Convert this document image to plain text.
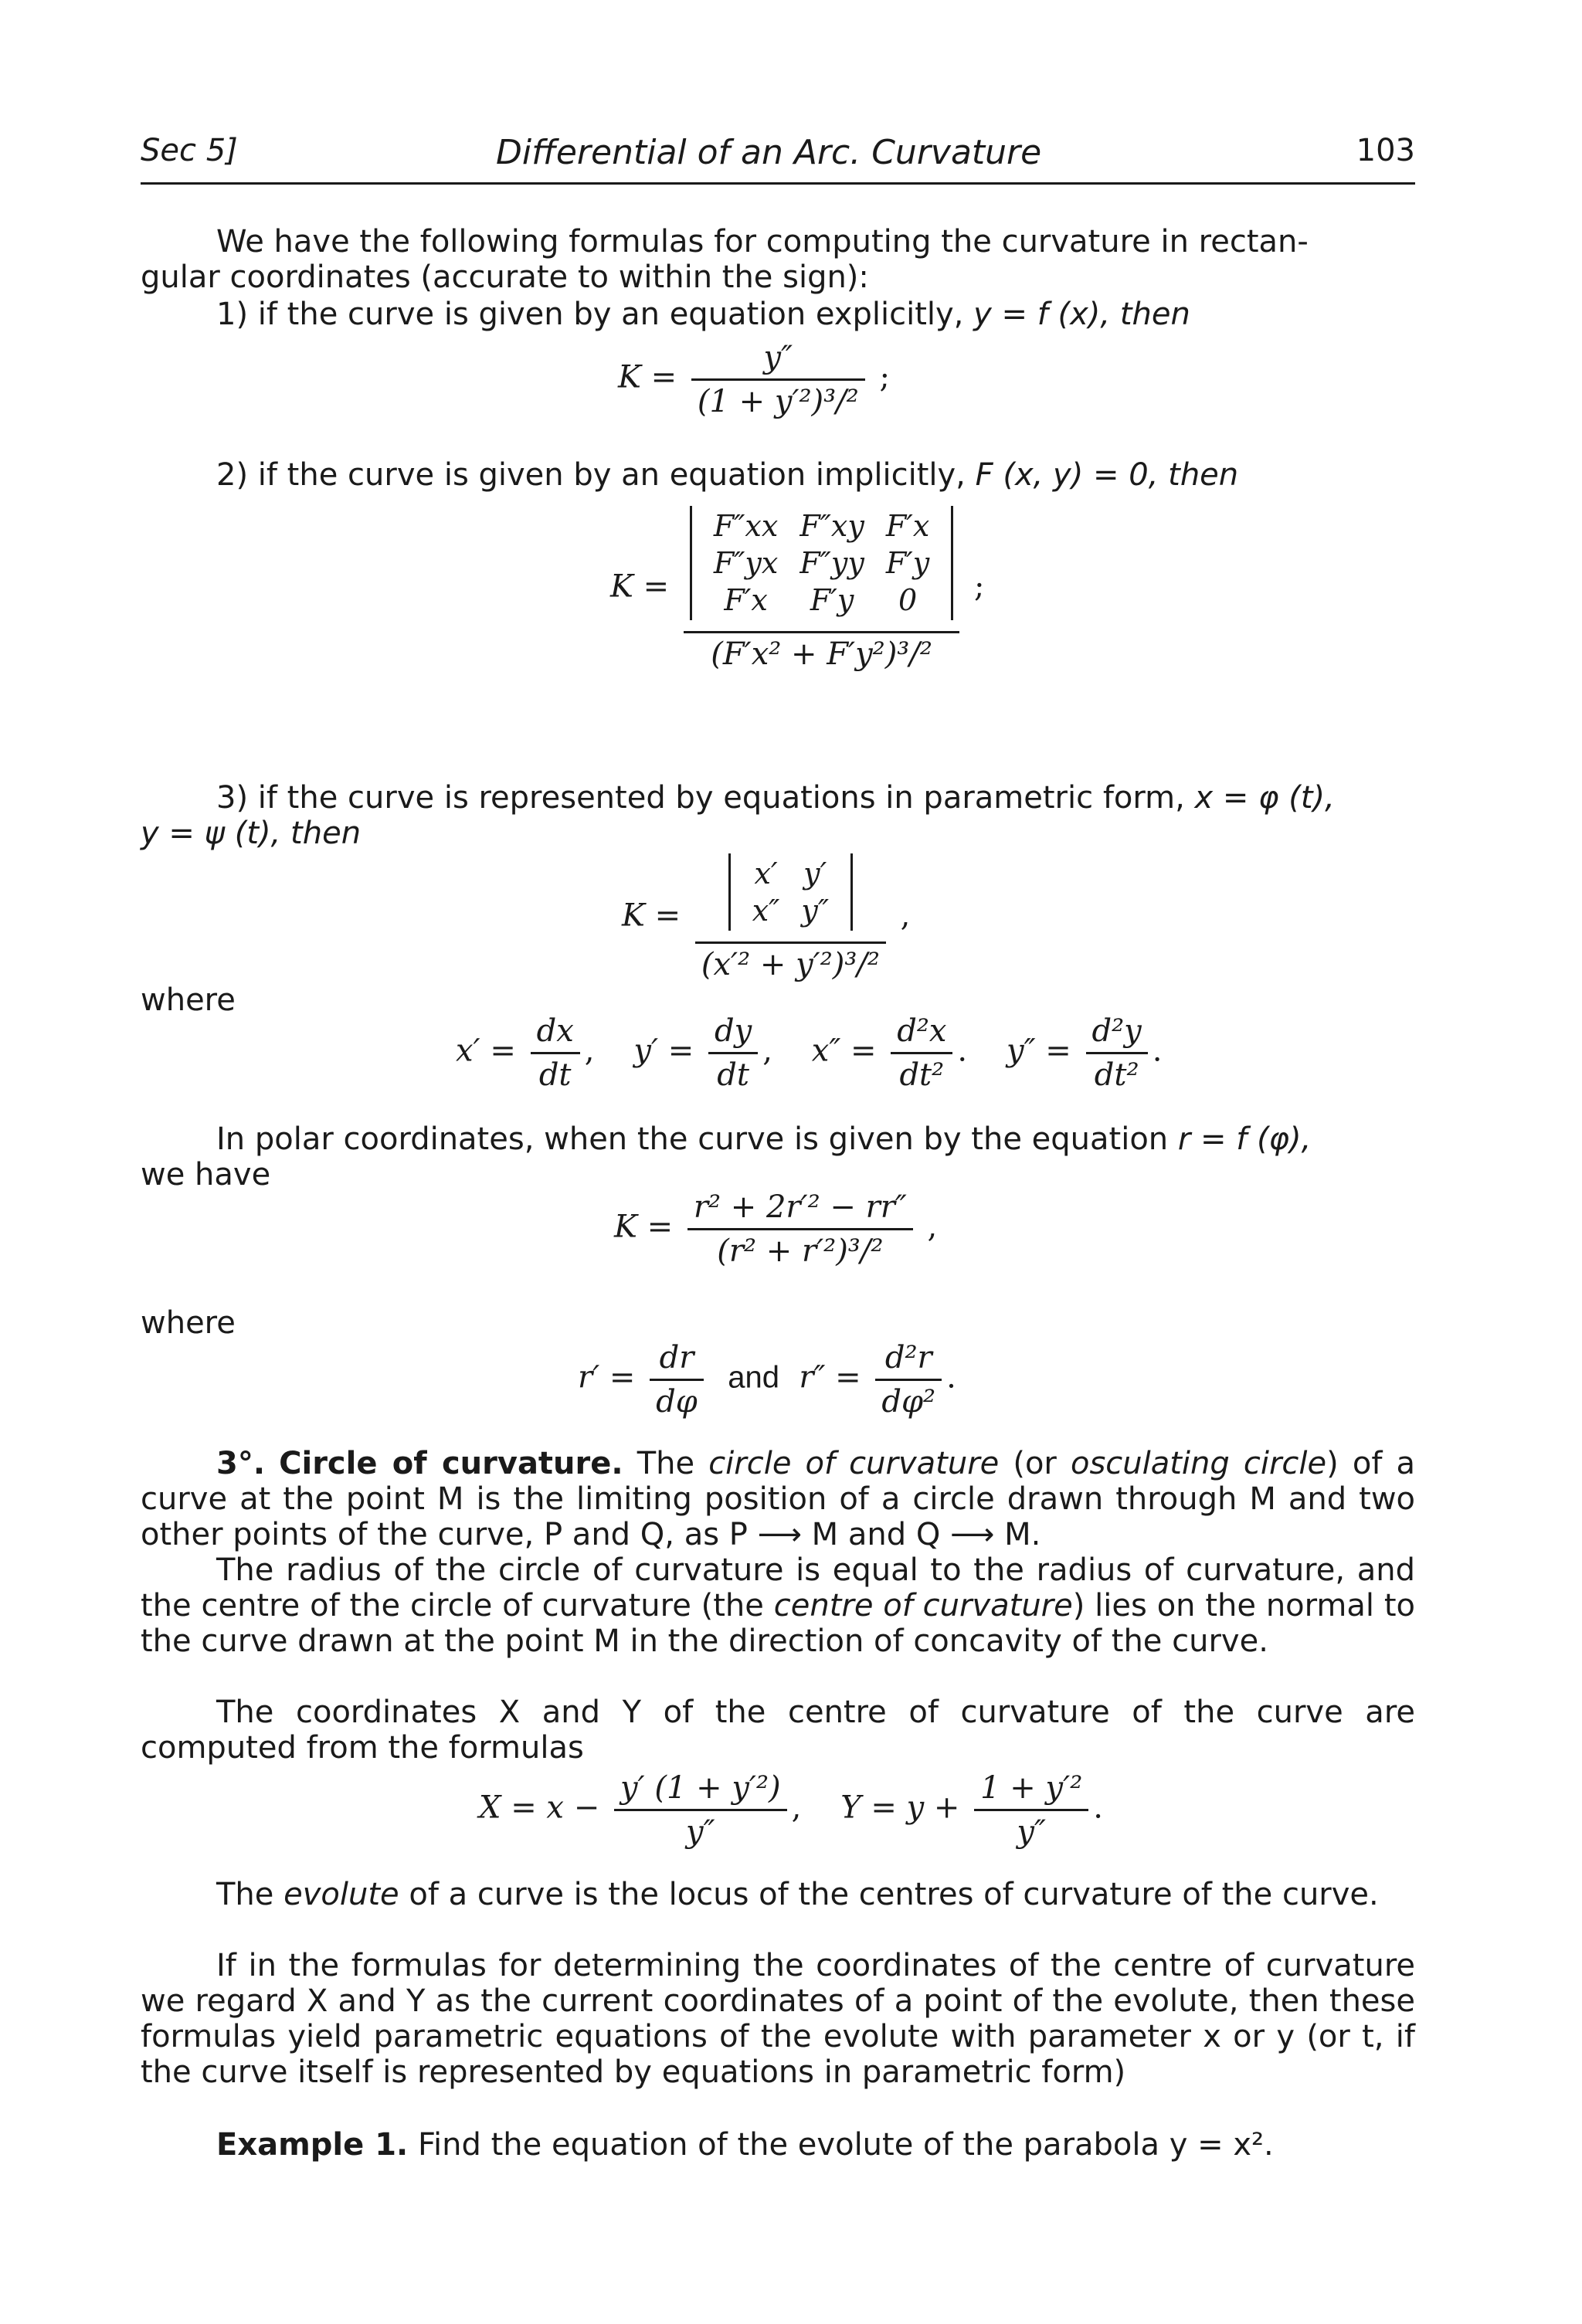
Sec 5]	Differential of an Arc. Curvature	103
We have the following formulas for computing the curvature in rectan-
gular coordinates (accurate to within the sign):
1) if the curve is given by an equation explicitly, y = f (x), then
$K = \frac{y''}{\text{(1 + y′²)³/²}}$ ;
2) if the curve is given by an equation implicitly, F (x, y) = 0, then
K =
F″xx	F″xy	F′x
F″yx	F″yy	F′y
F′x	F′y	0
(F′x² + F′y²)³/²
;
3) if the curve is represented by equations in parametric form, x = φ (t),
y = ψ (t), then
K =
x′	y′
x″	y″
(x′² + y′²)³/²
,
where
$x' = \frac{dx}{dt}$ , $y' = \frac{dy}{dt}$ , $x'' = \frac{\text{d²x}}{\text{dt²}}$ . $y'' = \frac{\text{d²y}}{\text{dt²}}$ .
In polar coordinates, when the curve is given by the equation r = f (φ),
we have
$K = \frac{\text{r² + 2r′² − rr″}}{\text{(r² + r′²)³/²}}$ ,
where
$r' = \frac{dr}{d\varphi}$ and $r'' = \frac{\text{d²r}}{\text{dφ²}}$ .
3°. Circle of curvature. The circle of curvature (or osculating circle) of a curve at the point M is the limiting position of a circle drawn through M and two other points of the curve, P and Q, as P ⟶ M and Q ⟶ M.
The radius of the circle of curvature is equal to the radius of curvature, and the centre of the circle of curvature (the centre of curvature) lies on the normal to the curve drawn at the point M in the direction of concavity of the curve.
The coordinates X and Y of the centre of curvature of the curve are computed from the formulas
$X = x - \frac{\text{y′ (1 + y′²)}}{y''}$ , $Y = y + \frac{\text{1 + y′²}}{y''}$ .
The evolute of a curve is the locus of the centres of curvature of the curve.
If in the formulas for determining the coordinates of the centre of curvature we regard X and Y as the current coordinates of a point of the evolute, then these formulas yield parametric equations of the evolute with parameter x or y (or t, if the curve itself is represented by equations in parametric form)
Example 1. Find the equation of the evolute of the parabola y = x².
